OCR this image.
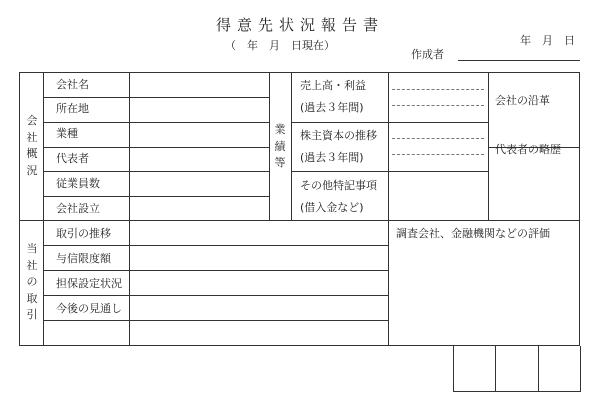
得意先状況報告書
（　年　月　日現在）	年　月　日
作成者
会
社
概
況
業
績
等
当
社
の
取
引
会社名
所在地
業種
代表者
従業員数
会社設立
売上高・利益
(過去３年間)
株主資本の推移
(過去３年間)
その他特記事項
(借入金など)
会社の沿革
代表者の略歴
取引の推移
与信限度額
担保設定状況
今後の見通し
調査会社、金融機関などの評価
